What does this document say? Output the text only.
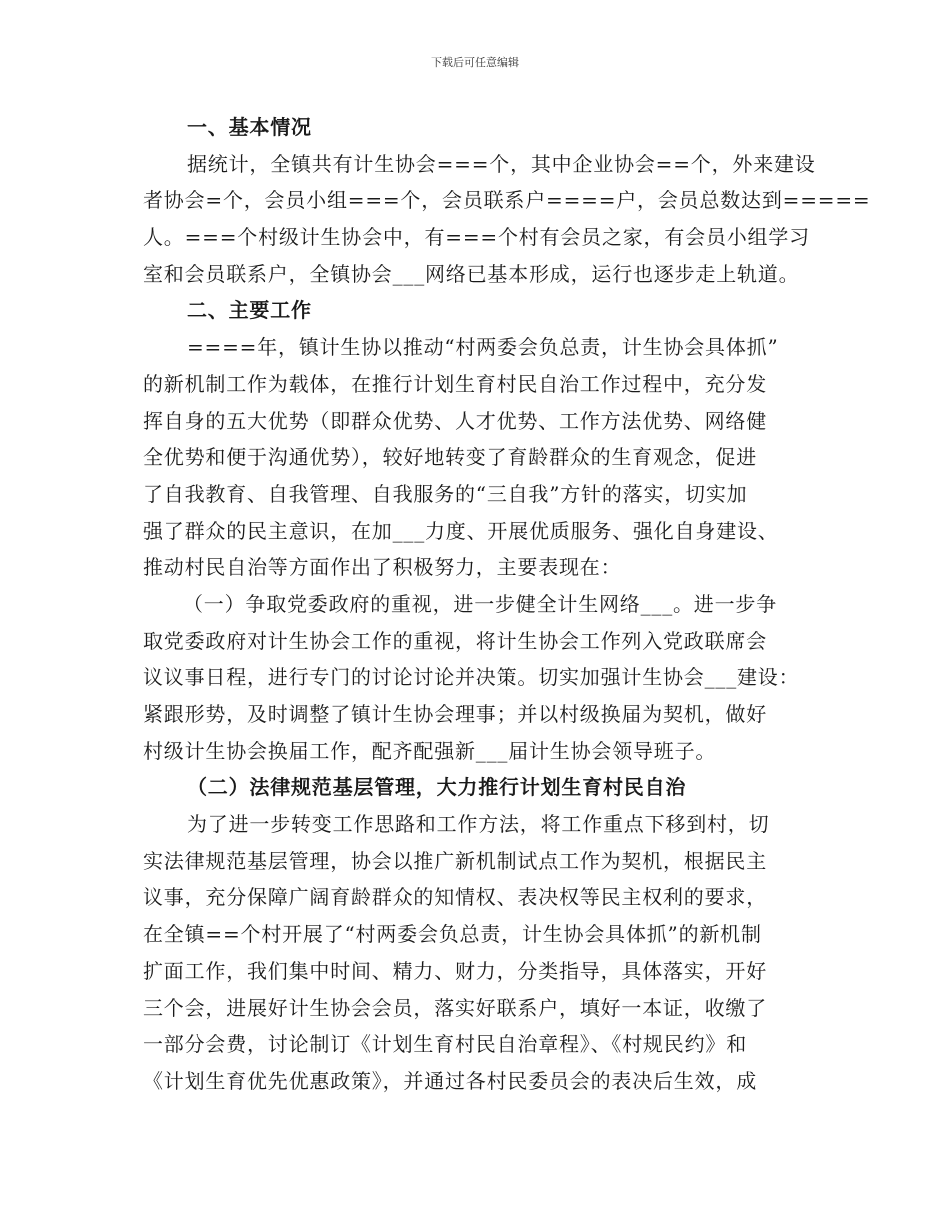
下载后可任意编辑
一、基本情况
据统计，全镇共有计生协会===个，其中企业协会==个，外来建设
者协会=个，会员小组===个，会员联系户====户，会员总数达到=====
人。===个村级计生协会中，有===个村有会员之家，有会员小组学习
室和会员联系户，全镇协会___网络已基本形成，运行也逐步走上轨道。
二、主要工作
====年，镇计生协以推动“村两委会负总责，计生协会具体抓”
的新机制工作为载体，在推行计划生育村民自治工作过程中，充分发
挥自身的五大优势（即群众优势、人才优势、工作方法优势、网络健
全优势和便于沟通优势），较好地转变了育龄群众的生育观念，促进
了自我教育、自我管理、自我服务的“三自我”方针的落实，切实加
强了群众的民主意识，在加___力度、开展优质服务、强化自身建设、
推动村民自治等方面作出了积极努力，主要表现在：
（一）争取党委政府的重视，进一步健全计生网络___。进一步争
取党委政府对计生协会工作的重视，将计生协会工作列入党政联席会
议议事日程，进行专门的讨论讨论并决策。切实加强计生协会___建设：
紧跟形势，及时调整了镇计生协会理事；并以村级换届为契机，做好
村级计生协会换届工作，配齐配强新___届计生协会领导班子。
（二）法律规范基层管理，大力推行计划生育村民自治
为了进一步转变工作思路和工作方法，将工作重点下移到村，切
实法律规范基层管理，协会以推广新机制试点工作为契机，根据民主
议事，充分保障广阔育龄群众的知情权、表决权等民主权利的要求，
在全镇==个村开展了“村两委会负总责，计生协会具体抓”的新机制
扩面工作，我们集中时间、精力、财力，分类指导，具体落实，开好
三个会，进展好计生协会会员，落实好联系户，填好一本证，收缴了
一部分会费，讨论制订《计划生育村民自治章程》、《村规民约》和
《计划生育优先优惠政策》，并通过各村民委员会的表决后生效，成
